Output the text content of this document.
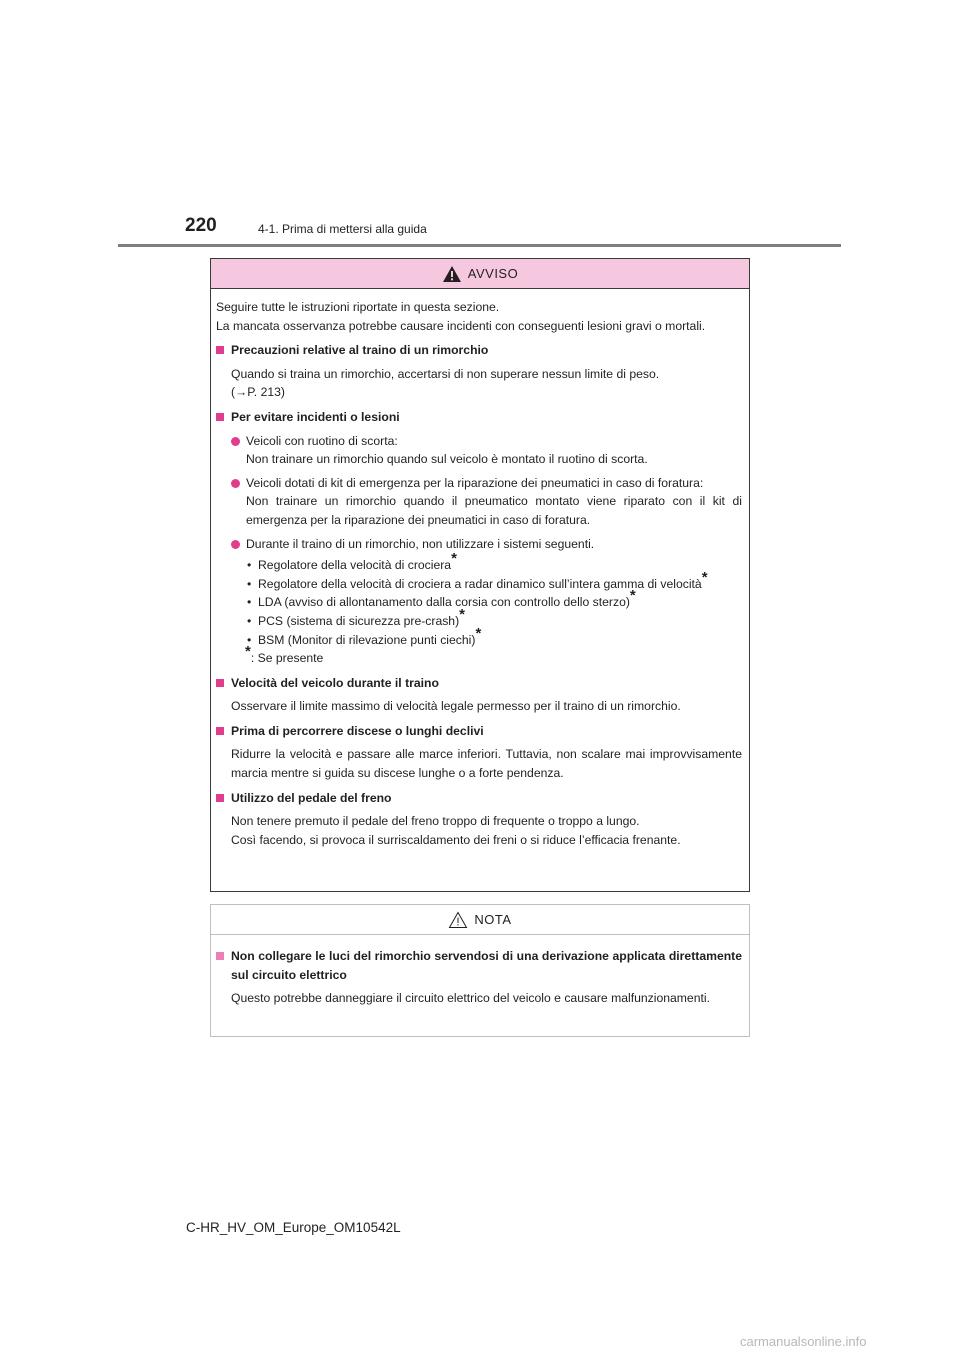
220	4-1. Prima di mettersi alla guida
AVVISO

Seguire tutte le istruzioni riportate in questa sezione.

La mancata osservanza potrebbe causare incidenti con conseguenti lesioni gravi o mortali.

Precauzioni relative al traino di un rimorchio

Quando si traina un rimorchio, accertarsi di non superare nessun limite di peso.

(→P. 213)

Per evitare incidenti o lesioni

Veicoli con ruotino di scorta:

Non trainare un rimorchio quando sul veicolo è montato il ruotino di scorta.

Veicoli dotati di kit di emergenza per la riparazione dei pneumatici in caso di foratura:

Non trainare un rimorchio quando il pneumatico montato viene riparato con il kit di emergenza per la riparazione dei pneumatici in caso di foratura.

Durante il traino di un rimorchio, non utilizzare i sistemi seguenti.

• Regolatore della velocità di crociera*
• Regolatore della velocità di crociera a radar dinamico sull’intera gamma di velocità*
• LDA (avviso di allontanamento dalla corsia con controllo dello sterzo)*
• PCS (sistema di sicurezza pre-crash)*
• BSM (Monitor di rilevazione punti ciechi)*

*: Se presente

Velocità del veicolo durante il traino

Osservare il limite massimo di velocità legale permesso per il traino di un rimorchio.

Prima di percorrere discese o lunghi declivi

Ridurre la velocità e passare alle marce inferiori. Tuttavia, non scalare mai improvvisamente marcia mentre si guida su discese lunghe o a forte pendenza.

Utilizzo del pedale del freno

Non tenere premuto il pedale del freno troppo di frequente o troppo a lungo.

Così facendo, si provoca il surriscaldamento dei freni o si riduce l’efficacia frenante.

NOTA
Non collegare le luci del rimorchio servendosi di una derivazione applicata direttamente sul circuito elettrico

Questo potrebbe danneggiare il circuito elettrico del veicolo e causare malfunzionamenti.

C-HR_HV_OM_Europe_OM10542L
carmanualsonline.info
